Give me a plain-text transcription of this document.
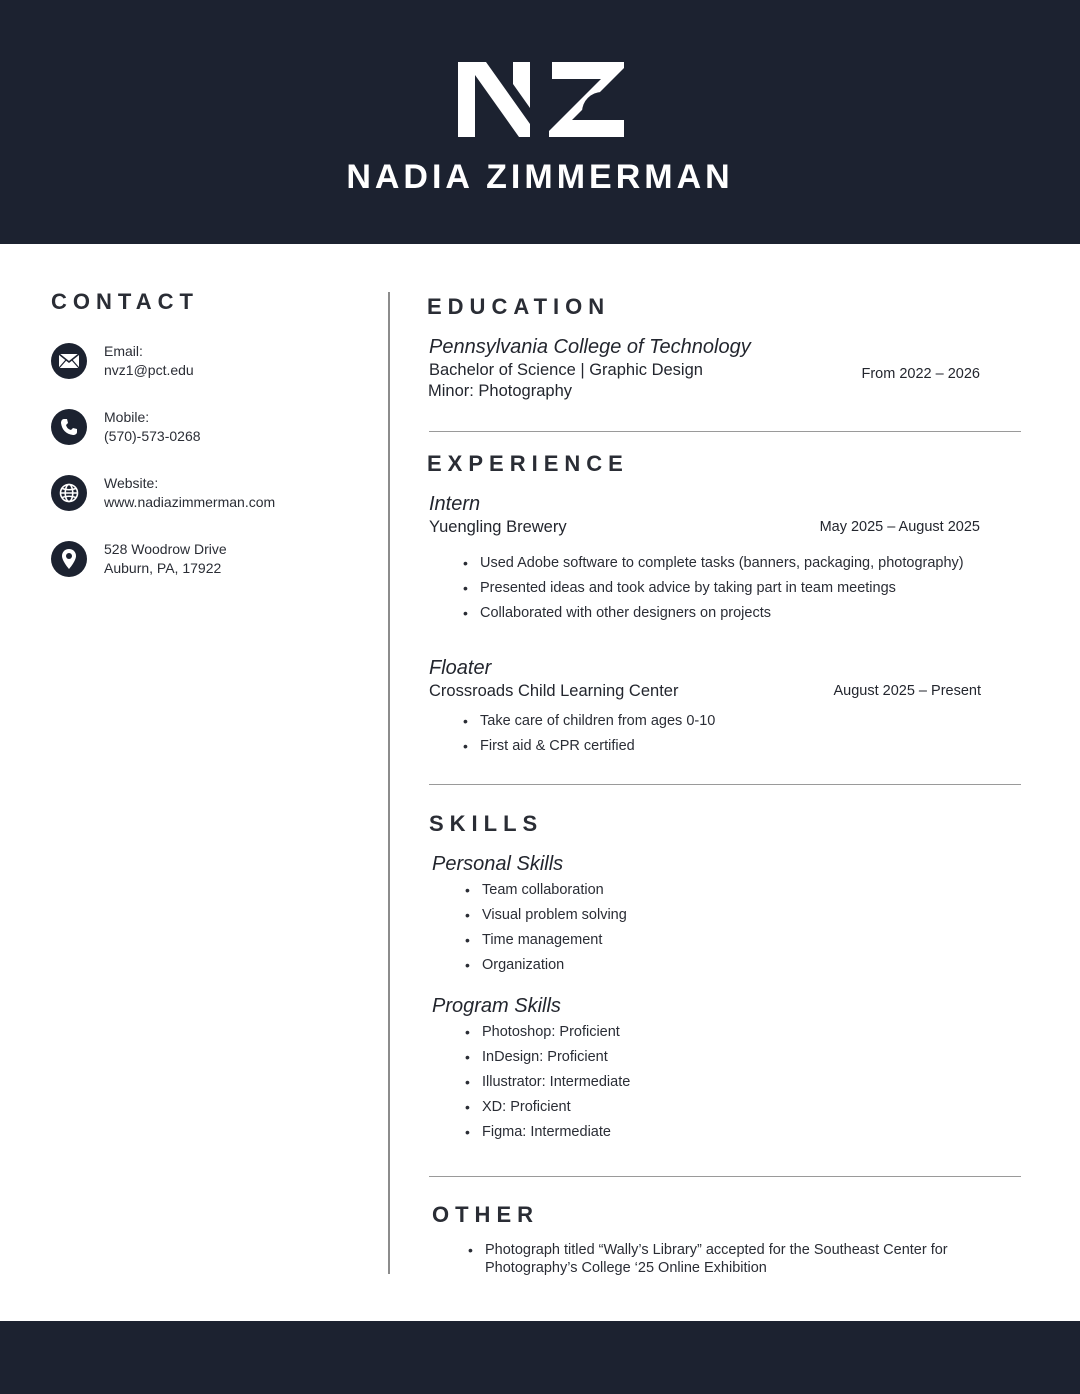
NADIA ZIMMERMAN
CONTACT
Email:
nvz1@pct.edu
Mobile:
(570)-573-0268
Website:
www.nadiazimmerman.com
528 Woodrow Drive
Auburn, PA, 17922
EDUCATION
Pennsylvania College of Technology
Bachelor of Science | Graphic Design
Minor: Photography
From 2022 – 2026
EXPERIENCE
Intern
Yuengling Brewery	May 2025 – August 2025
• Used Adobe software to complete tasks (banners, packaging, photography)
• Presented ideas and took advice by taking part in team meetings
• Collaborated with other designers on projects
Floater
Crossroads Child Learning Center	August 2025 – Present
• Take care of children from ages 0-10
• First aid & CPR certified
SKILLS
Personal Skills
• Team collaboration
• Visual problem solving
• Time management
• Organization
Program Skills
• Photoshop: Proficient
• InDesign: Proficient
• Illustrator: Intermediate
• XD: Proficient
• Figma: Intermediate
OTHER
• Photograph titled “Wally’s Library” accepted for the Southeast Center for Photography’s College ‘25 Online Exhibition
